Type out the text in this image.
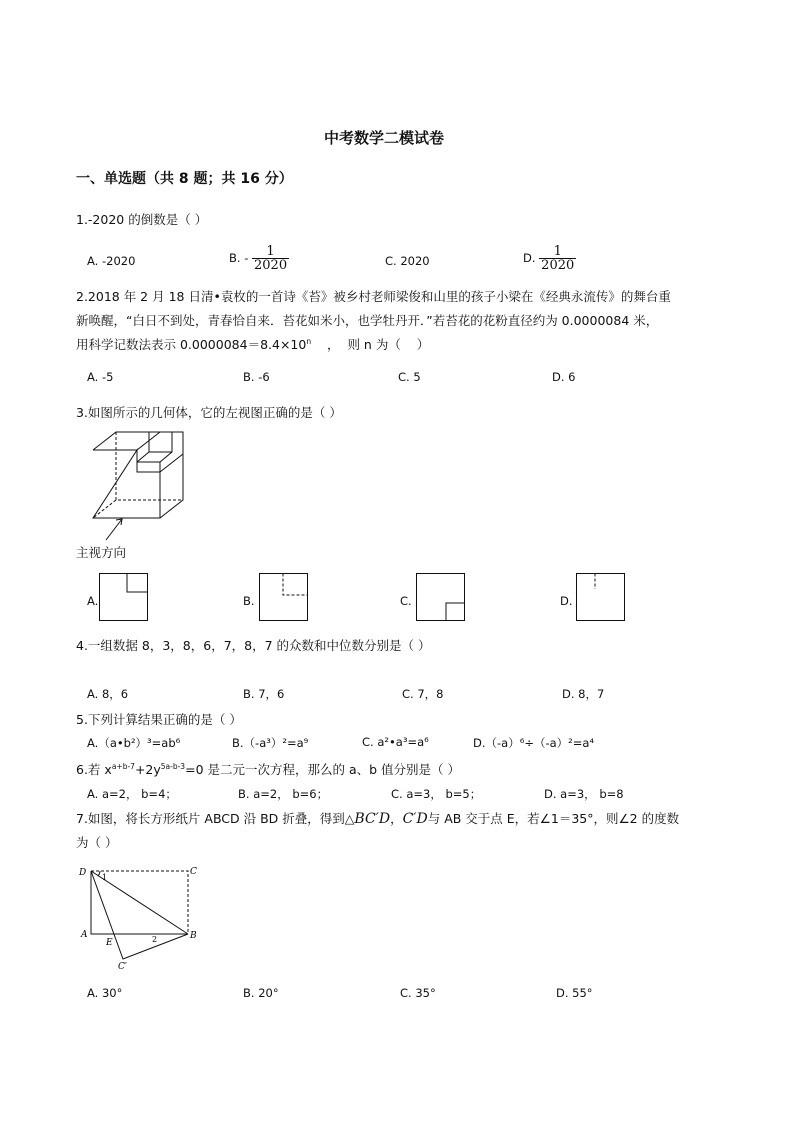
中考数学二模试卷
一、单选题（共 8 题；共 16 分）
1.-2020 的倒数是（ ）
A. -2020	B. - $\frac{1}{2020}$	C. 2020	D. $\frac{1}{2020}$
2.2018 年 2 月 18 日清•袁枚的一首诗《苔》被乡村老师梁俊和山里的孩子小梁在《经典永流传》的舞台重
新唤醒，“白日不到处，青春恰自来．苔花如米小，也学牡丹开．”若苔花的花粉直径约为 0.0000084 米，
用科学记数法表示 $0.0000084=8.4\times 10^n$    ，  则 n 为（    ）
A. -5	B. -6	C. 5	D. 6
3.如图所示的几何体，它的左视图正确的是（ ）
主视方向
A.	B.	C.	D.
4.一组数据 8，3，8，6，7，8，7 的众数和中位数分别是（ ）
A. 8，6	B. 7，6	C. 7，8	D. 8，7
5.下列计算结果正确的是（ ）
A.（a•b²）³=ab⁶	B.（-a³）²=a⁹	C. a²•a³=a⁶	D.（-a）⁶÷（-a）²=a⁴
6.若 $x^{a+b-7}+2y^{5a-b-3}=0$ 是二元一次方程，那么的 a、b 值分别是（ ）
A. a=2， b=4；	B. a=2， b=6；	C. a=3， b=5；	D. a=3， b=8
7.如图，将长方形纸片 ABCD 沿 BD 折叠，得到△BC′D，C′D与 AB 交于点 E，若∠1＝35°，则∠2 的度数
为（ ）
D	C
A
E
B
C′
1
2
A. 30°	B. 20°	C. 35°	D. 55°
